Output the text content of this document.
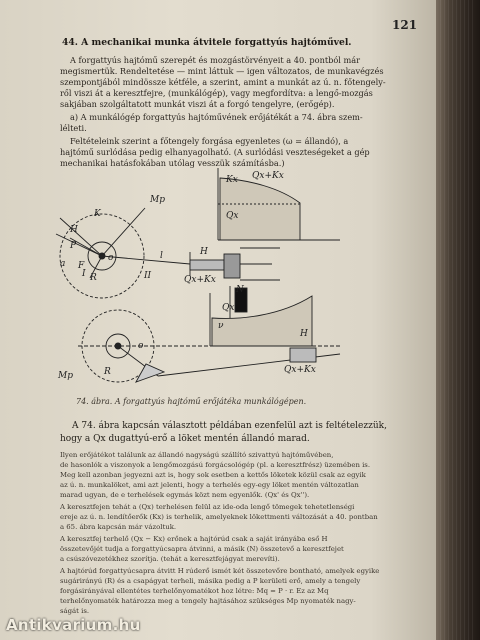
121
44. A mechanikai munka átvitele forgattyús hajtóművel.
A forgattyús hajtómű szerepét és mozgástörvényeit a 40. pontból már
megismertük. Rendeltetése — mint láttuk — igen változatos, de munkavégzés
szempontjából mindössze kétféle, a szerint, amint a munkát az ú. n. főtengely-
ről viszi át a keresztfejre, (munkálógép), vagy megfordítva: a lengő-mozgás
sakjában szolgáltatott munkát viszi át a forgó tengelyre, (erőgép).
a) A munkálógép forgattyús hajtóművének erőjátékát a 74. ábra szem-
lélteti.
Feltételeink szerint a főtengely forgása egyenletes (ω = állandó), a
hajtómű surlódása pedig elhanyagolható. (A surlódási veszteségeket a gép
mechanikai hatásfokában utólag vesszük számításba.)
K
P
F
H
R
o
Mp
l	H
Qx+Kx
Kx Qx+Kx
Qx
a
I	II
N
Qx
ν
Qx+Kx
R
Mp
o
H
74. ábra. A forgattyús hajtómű erőjátéka munkálógépen.
A 74. ábra kapcsán választott példában ezenfelül azt is feltételezzük,
hogy a Qx dugattyú-erő a löket mentén állandó marad.
Ilyen erőjátékot találunk az állandó nagyságú szállító szivattyú hajtóművében,
de hasonlók a viszonyok a lengőmozgású forgácsológép (pl. a keresztfrész) üzemében is.
Meg kell azonban jegyezni azt is, hogy sok esetben a kettős löketek közül csak az egyik
az ú. n. munkalöket, ami azt jelenti, hogy a terhelés egy-egy löket mentén változatlan
marad ugyan, de e terhelések egymás közt nem egyenlők. (Qx' és Qx'').
A keresztfejen tehát a (Qx) terhelésen felül az ide-oda lengő tömegek tehetetlenségi
ereje az ú. n. lendítőerők (Kx) is terhelik, amelyeknek lökettmenti változását a 40. pontban
a 65. ábra kapcsán már vázoltuk.
A keresztfej terhelő (Qx − Kx) erőnek a hajtórúd csak a saját irányába eső H
összetevőjét tudja a forgattyúcsapra átvinni, a másik (N) összetevő a keresztfejet
a csúszóvezetékhez szorítja. (tehát a keresztfejágyat merevíti).
A hajtórúd forgattyúcsapra átvitt H rúderő ismét két összetevőre bontható, amelyek egyike
sugárirányú (R) és a csapágyat terheli, másika pedig a P kerületi erő, amely a tengely
forgásirányával ellentétes terhelőnyomatékot hoz létre: Mq = P · r. Ez az Mq
terhelőnyomaték határozza meg a tengely hajtásához szükséges Mp nyomaték nagy-
ságát is.
Antikvarium.hu
